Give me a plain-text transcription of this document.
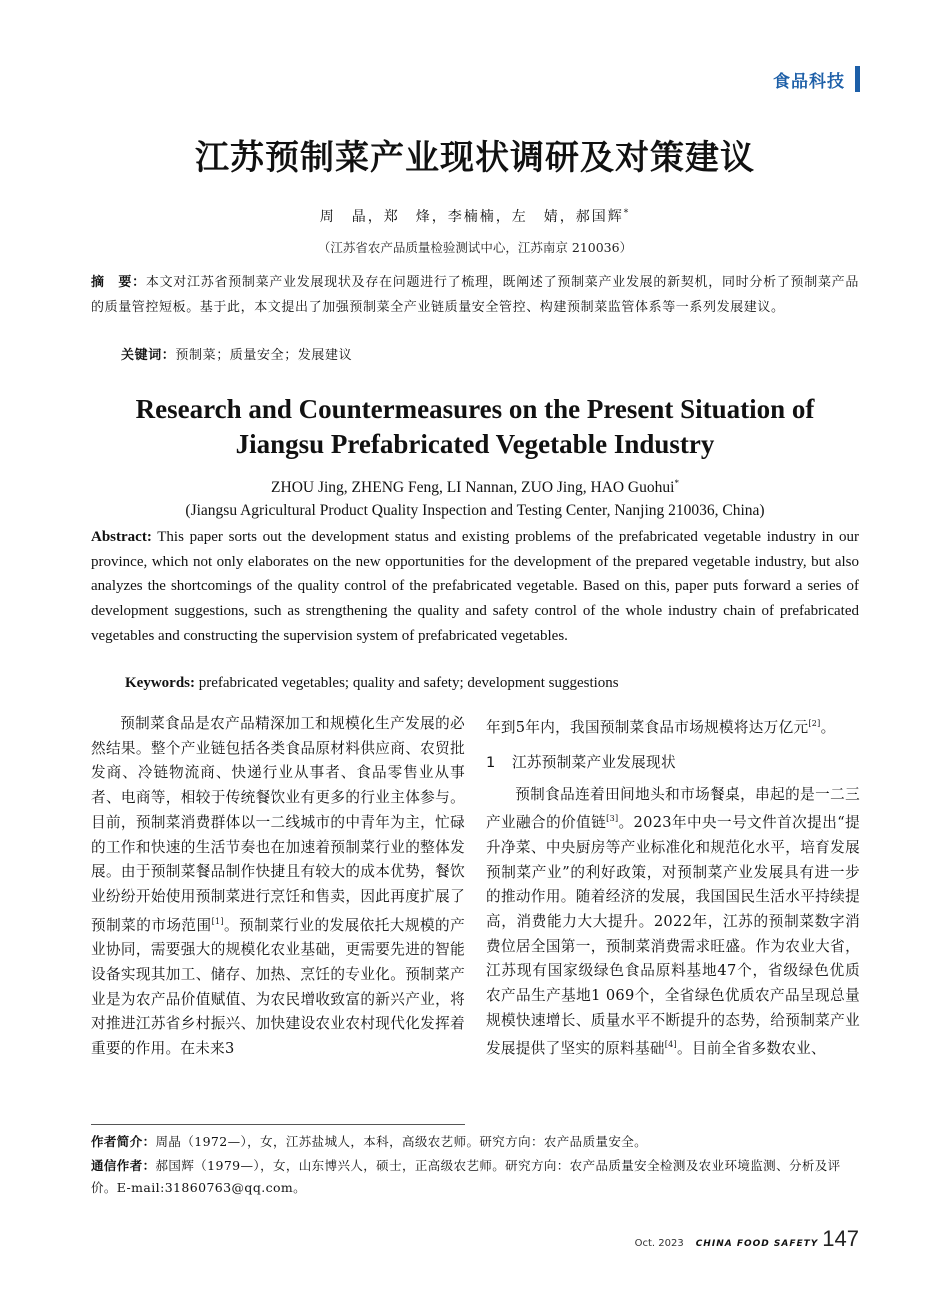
食品科技
江苏预制菜产业现状调研及对策建议
周　晶，郑　烽，李楠楠，左　婧，郝国辉*
（江苏省农产品质量检验测试中心，江苏南京 210036）
摘　要：本文对江苏省预制菜产业发展现状及存在问题进行了梳理，既阐述了预制菜产业发展的新契机，同时分析了预制菜产品的质量管控短板。基于此，本文提出了加强预制菜全产业链质量安全管控、构建预制菜监管体系等一系列发展建议。
关键词：预制菜；质量安全；发展建议
Research and Countermeasures on the Present Situation of
Jiangsu Prefabricated Vegetable Industry
ZHOU Jing, ZHENG Feng, LI Nannan, ZUO Jing, HAO Guohui*
(Jiangsu Agricultural Product Quality Inspection and Testing Center, Nanjing 210036, China)
Abstract: This paper sorts out the development status and existing problems of the prefabricated vegetable industry in our province, which not only elaborates on the new opportunities for the development of the prepared vegetable industry, but also analyzes the shortcomings of the quality control of the prefabricated vegetable. Based on this, paper puts forward a series of development suggestions, such as strengthening the quality and safety control of the whole industry chain of prefabricated vegetables and constructing the supervision system of prefabricated vegetables.
Keywords: prefabricated vegetables; quality and safety; development suggestions

预制菜食品是农产品精深加工和规模化生产发展的必然结果。整个产业链包括各类食品原材料供应商、农贸批发商、冷链物流商、快递行业从事者、食品零售业从事者、电商等，相较于传统餐饮业有更多的行业主体参与。目前，预制菜消费群体以一二线城市的中青年为主，忙碌的工作和快速的生活节奏也在加速着预制菜行业的整体发展。由于预制菜餐品制作快捷且有较大的成本优势，餐饮业纷纷开始使用预制菜进行烹饪和售卖，因此再度扩展了预制菜的市场范围[1]。预制菜行业的发展依托大规模的产业协同，需要强大的规模化农业基础，更需要先进的智能设备实现其加工、储存、加热、烹饪的专业化。预制菜产业是为农产品价值赋值、为农民增收致富的新兴产业，将对推进江苏省乡村振兴、加快建设农业农村现代化发挥着重要的作用。在未来3

年到5年内，我国预制菜食品市场规模将达万亿元[2]。

1 江苏预制菜产业发展现状

预制食品连着田间地头和市场餐桌，串起的是一二三产业融合的价值链[3]。2023年中央一号文件首次提出“提升净菜、中央厨房等产业标准化和规范化水平，培育发展预制菜产业”的利好政策，对预制菜产业发展具有进一步的推动作用。随着经济的发展，我国国民生活水平持续提高，消费能力大大提升。2022年，江苏的预制菜数字消费位居全国第一，预制菜消费需求旺盛。作为农业大省，江苏现有国家级绿色食品原料基地47个，省级绿色优质农产品生产基地1 069个，全省绿色优质农产品呈现总量规模快速增长、质量水平不断提升的态势，给预制菜产业发展提供了坚实的原料基础[4]。目前全省多数农业、

作者简介：周晶（1972—），女，江苏盐城人，本科，高级农艺师。研究方向：农产品质量安全。
通信作者：郝国辉（1979—），女，山东博兴人，硕士，正高级农艺师。研究方向：农产品质量安全检测及农业环境监测、分析及评价。E-mail:31860763@qq.com。
Oct. 2023 CHINA FOOD SAFETY 147
